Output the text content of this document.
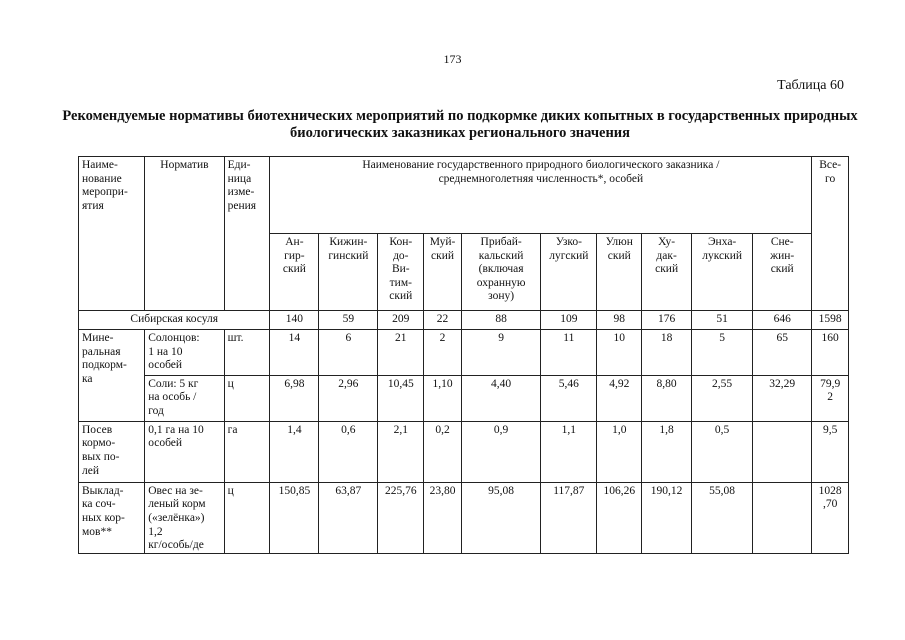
173
Таблица 60
Рекомендуемые нормативы биотехнических мероприятий по подкормке диких копытных в государственных природных биологических заказниках регионального значения
Наиме-
нование
меропри-
ятия	Норматив	Еди-
ница
изме-
рения	Наименование государственного природного биологического заказника /
среднемноголетняя численность*, особей										Все-
го
			Ан-
гир-
ский	Кижин-
гинский	Кон-
до-
Ви-
тим-
ский	Муй-
ский	Прибай-
кальский
(включая
охранную
зону)	Узко-
лугский	Улюн
ский	Ху-
дак-
ский	Энха-
лукский	Сне-
жин-
ский	
Сибирская косуля			140	59	209	22	88	109	98	176	51	646	1598
Мине-
ральная
подкорм-
ка	Солонцов:
1 на 10
особей	шт.	14	6	21	2	9	11	10	18	5	65	160
	Соли: 5 кг
на особь /
год	ц	6,98	2,96	10,45	1,10	4,40	5,46	4,92	8,80	2,55	32,29	79,9
2
Посев
кормо-
вых по-
лей	0,1 га на 10
особей	га	1,4	0,6	2,1	0,2	0,9	1,1	1,0	1,8	0,5		9,5
Выклад-
ка соч-
ных кор-
мов**	Овес на зе-
леный корм
(«зелёнка»)
1,2
кг/особь/де	ц	150,85	63,87	225,76	23,80	95,08	117,87	106,26	190,12	55,08		1028
,70
